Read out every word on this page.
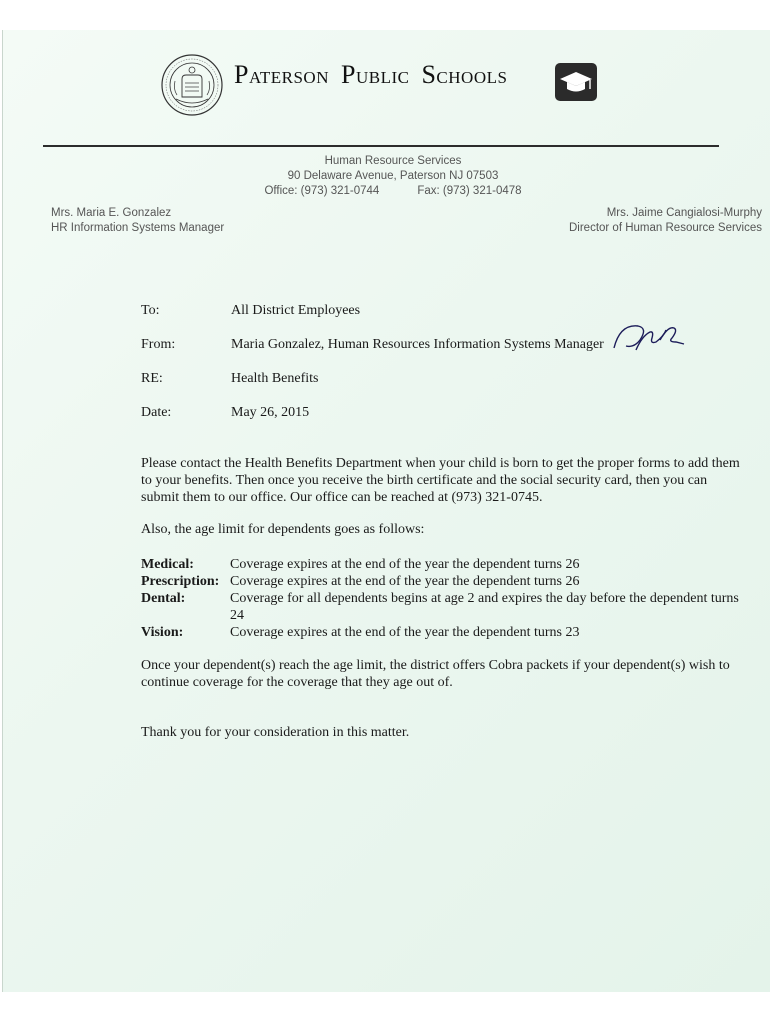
PATERSON PUBLIC SCHOOLS
Human Resource Services
90 Delaware Avenue, Paterson NJ 07503
Office: (973) 321-0744	Fax: (973) 321-0478
Mrs. Maria E. Gonzalez
HR Information Systems Manager
Mrs. Jaime Cangialosi-Murphy
Director of Human Resource Services
To:	All District Employees
From:	Maria Gonzalez, Human Resources Information Systems Manager
RE:	Health Benefits
Date:	May 26, 2015
Please contact the Health Benefits Department when your child is born to get the proper forms to add them to your benefits. Then once you receive the birth certificate and the social security card, then you can submit them to our office. Our office can be reached at (973) 321-0745.
Also, the age limit for dependents goes as follows:
Medical:	Coverage expires at the end of the year the dependent turns 26
Prescription: Coverage expires at the end of the year the dependent turns 26
Dental:	Coverage for all dependents begins at age 2 and expires the day before the dependent turns 24
Vision:	Coverage expires at the end of the year the dependent turns 23
Once your dependent(s) reach the age limit, the district offers Cobra packets if your dependent(s) wish to continue coverage for the coverage that they age out of.
Thank you for your consideration in this matter.
